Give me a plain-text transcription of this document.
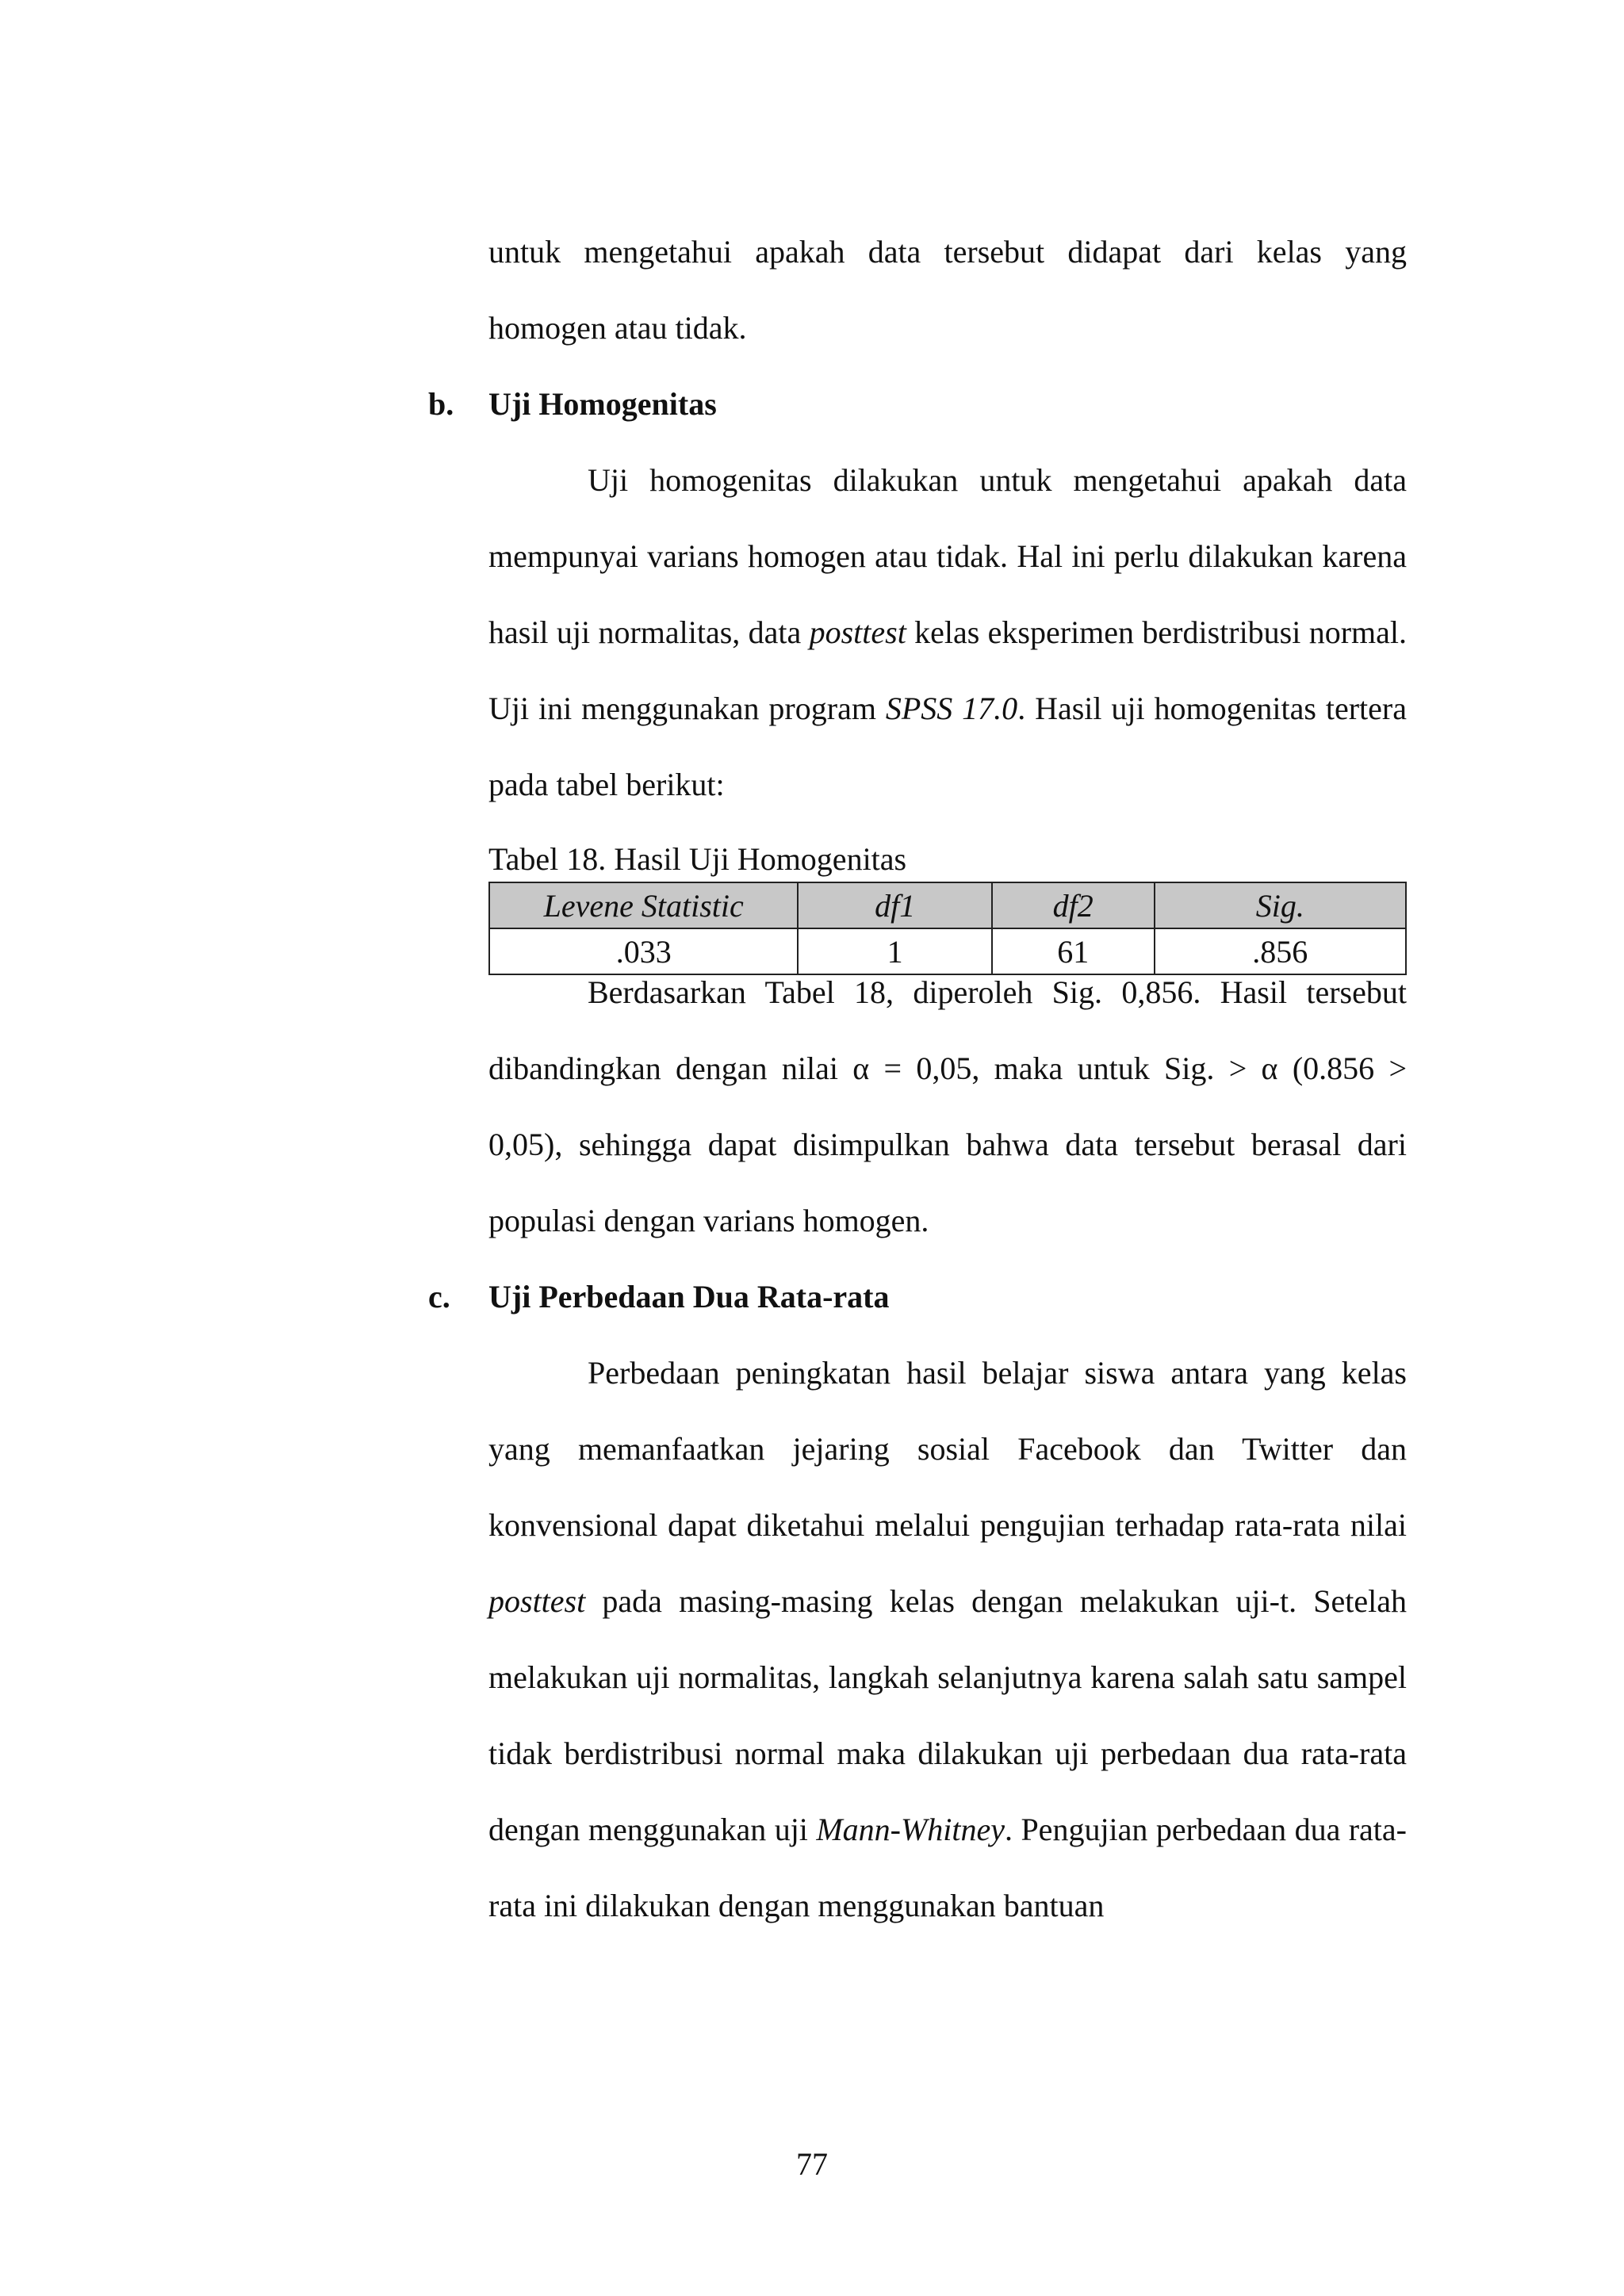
untuk mengetahui apakah data tersebut didapat dari kelas yang homogen atau tidak.

b. Uji Homogenitas

Uji homogenitas dilakukan untuk mengetahui apakah data mempunyai varians homogen atau tidak. Hal ini perlu dilakukan karena hasil uji normalitas, data posttest kelas eksperimen berdistribusi normal. Uji ini menggunakan program SPSS 17.0. Hasil uji homogenitas tertera pada tabel berikut:

Tabel 18. Hasil Uji Homogenitas

Levene Statistic	df1	df2	Sig.
.033	1	61	.856

Berdasarkan Tabel 18, diperoleh Sig. 0,856. Hasil tersebut dibandingkan dengan nilai α = 0,05, maka untuk Sig. > α (0.856 > 0,05), sehingga dapat disimpulkan bahwa data tersebut berasal dari populasi dengan varians homogen.

c. Uji Perbedaan Dua Rata-rata

Perbedaan peningkatan hasil belajar siswa antara yang kelas yang memanfaatkan jejaring sosial Facebook dan Twitter dan konvensional dapat diketahui melalui pengujian terhadap rata-rata nilai posttest pada masing-masing kelas dengan melakukan uji-t. Setelah melakukan uji normalitas, langkah selanjutnya karena salah satu sampel tidak berdistribusi normal maka dilakukan uji perbedaan dua rata-rata dengan menggunakan uji Mann-Whitney. Pengujian perbedaan dua rata-rata ini dilakukan dengan menggunakan bantuan

77
